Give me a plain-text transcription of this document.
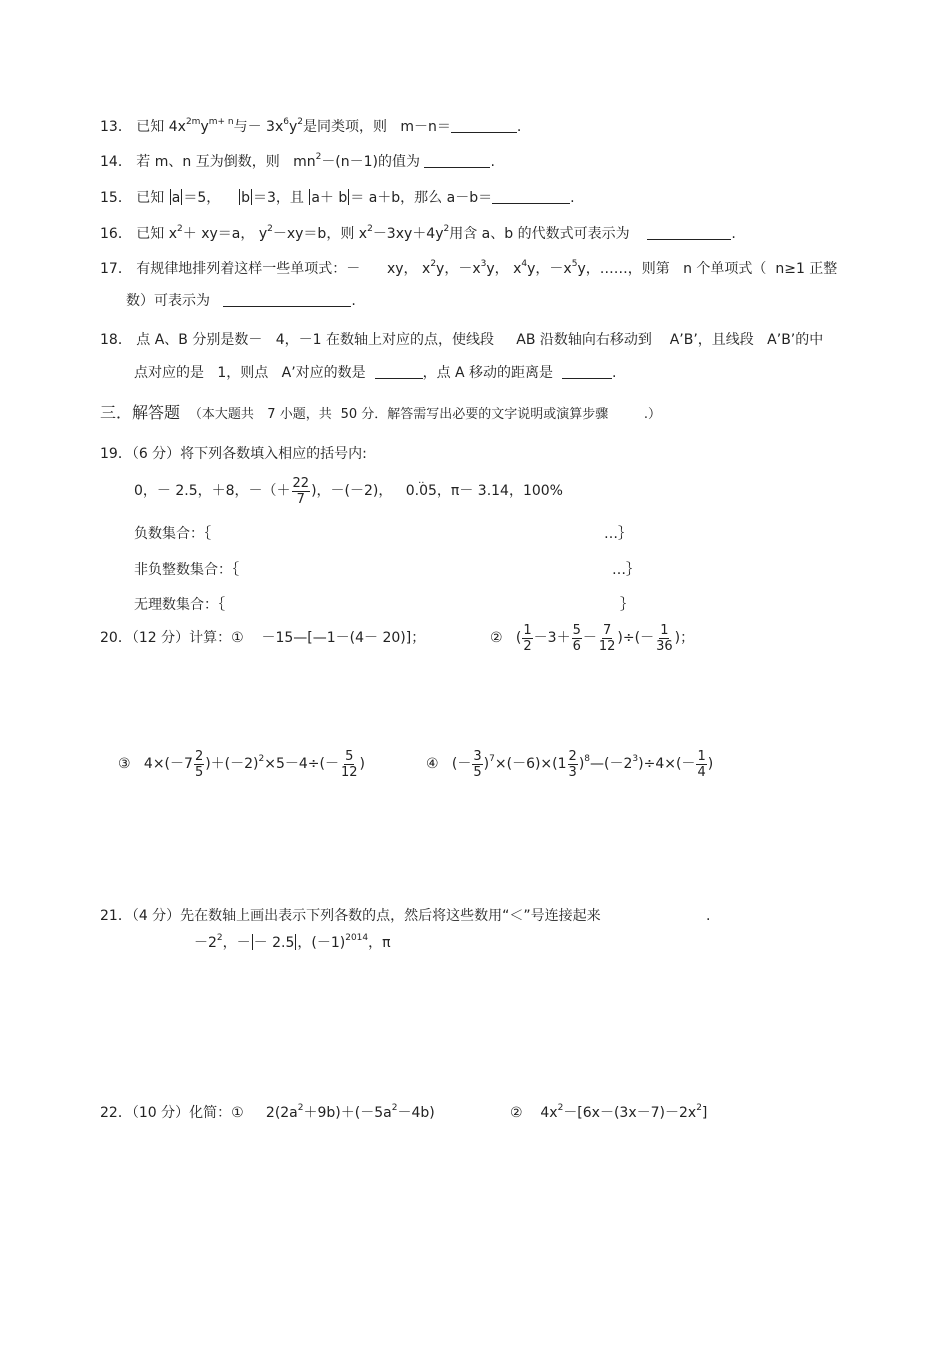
13． 已知 $4x^{2m}y^{m+ n}$与－ $3x^6y^2$是同类项，则 m－n＝	.
14． 若 m、n 互为倒数，则 $mn^2-(n-1)$的值为	.
15． 已知 a ＝5， b ＝3，且 a＋ b ＝ a＋b，那么 a－b＝	.
16． 已知 $x^2+ xy=a$， $y^2-xy=b$，则 $x^2-3xy+4y^2$用含 a、b 的代数式可表示为	.
17． 有规律地排列着这样一些单项式：－ xy， $x^2y$，$-x^3y$， $x^4y$，$-x^5y$，……，则第 n 个单项式（ n≥1 正整
数）可表示为	.
18． 点 A、B 分别是数－ 4，－1 在数轴上对应的点，使线段 AB 沿数轴向右移动到 A’B’，且线段 A’B’的中
点对应的是 1，则点 A’对应的数是	，点 A 移动的距离是	.
三．解答题 （本大题共 7 小题，共 50 分．解答需写出必要的文字说明或演算步骤	.）
19．（6 分）将下列各数填入相应的括号内:
0，－ 2.5，＋8，－（＋ $\frac{22}{7}$ )，－(－2)，
..
0.05，π－ 3.14，100%
负数集合：｛	…｝
非负整数集合：｛	…｝
无理数集合：｛	｝
20．（12 分）计算：① －15—[—1－(4－ 20)]；	② ( $\frac{1}{2} -3+ \frac{5}{6} - \frac{7}{12}$ )÷(－ $\frac{1}{36}$ )；
③ $4\times(-7 \frac{2}{5} )+(-2)^2\times 5-4\div(- \frac{5}{12}$ )	④ (－ $\frac{3}{5} )^7\times(-6)\times(1 \frac{2}{3}$ )$^8—(-2^3)\div 4\times(- \frac{1}{4}$ )
21．（4 分）先在数轴上画出表示下列各数的点，然后将这些数用“＜”号连接起来	.
$-2^2$，－ － 2.5 ，$(-1)^{2014}$，π
22．（10 分）化简：① $2(2a^2+9b)+(-5a^2-4b)$	② $4x^2-[6x-(3x-7)-2x^2]$
